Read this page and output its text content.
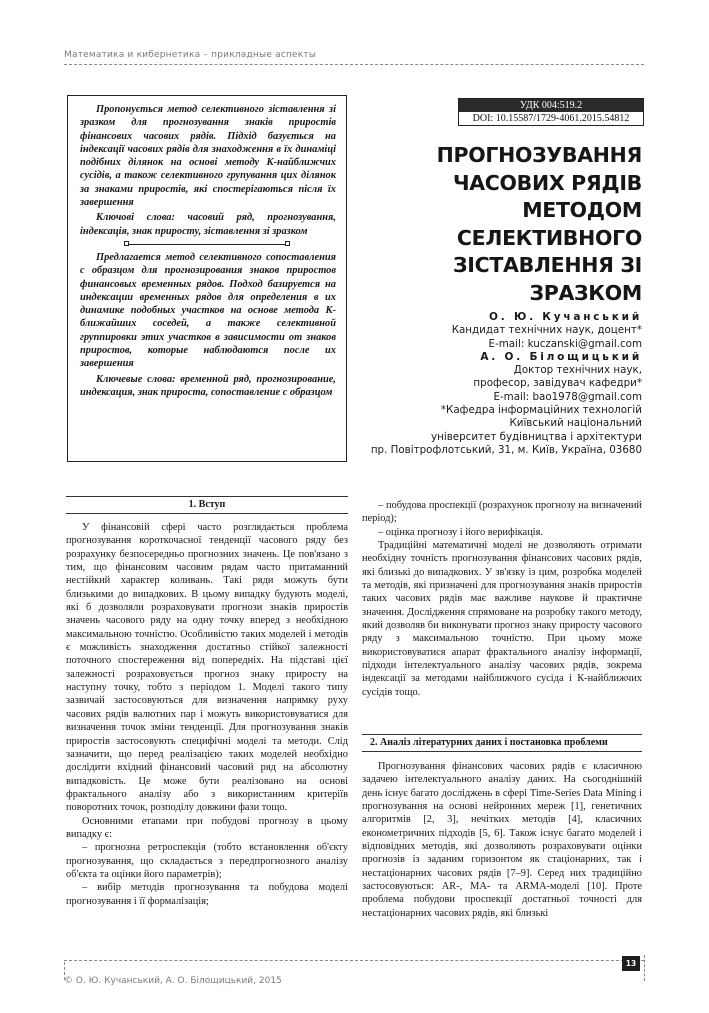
Математика и кибернетика – прикладные аспекты

Пропонується метод селективного зіставлення зі зразком для прогнозування знаків приростів фінансових часових рядів. Підхід базується на індексації часових рядів для знаходження в їх динаміці подібних ділянок на основі методу К-найближчих сусідів, а також селективного групування цих ділянок за знаками приростів, які спостерігаються після їх завершення

Ключові слова: часовий ряд, прогнозування, індексація, знак приросту, зіставлення зі зразком

Предлагается метод селективного сопоставления с образцом для прогнозирования знаков приростов финансовых временных рядов. Подход базируется на индексации временных рядов для определения в их динамике подобных участков на основе метода К-ближайших соседей, а также селективной группировки этих участков в зависимости от знаков приростов, которые наблюдаются после их завершения

Ключевые слова: временной ряд, прогнозирование, индексация, знак прироста, сопоставление с образцом

УДК 004:519.2
DOI: 10.15587/1729-4061.2015.54812
ПРОГНОЗУВАННЯ
ЧАСОВИХ РЯДІВ
МЕТОДОМ
СЕЛЕКТИВНОГО
ЗІСТАВЛЕННЯ ЗІ
ЗРАЗКОМ
О. Ю. Кучанський
Кандидат технічних наук, доцент*
E-mail: kuczanski@gmail.com
А. О. Білощицький
Доктор технічних наук,
професор, завідувач кафедри*
E-mail: bao1978@gmail.com
*Кафедра інформаційних технологій
Київський національний
університет будівництва і архітектури
пр. Повітрофлотський, 31, м. Київ, Україна, 03680
1. Вступ

У фінансовій сфері часто розглядається проблема прогнозування короткочасної тенденції часового ряду без розрахунку безпосередньо прогнозних значень. Це пов'язано з тим, що фінансовим часовим рядам часто притаманний нестійкий характер коливань. Такі ряди можуть бути близькими до випадкових. В цьому випадку будують моделі, які б дозволяли розраховувати прогнози знаків приростів значень часового ряду на одну точку вперед з необхідною максимальною точністю. Особливістю таких моделей і методів є можливість знаходження достатньо стійкої залежності поточного спостереження від попередніх. На підставі цієї залежності розраховується прогноз знаку приросту на наступну точку, тобто з періодом 1. Моделі такого типу зазвичай застосовуються для визначення напрямку руху часових рядів валютних пар і можуть використовуватися для визначення точок зміни тенденції. Для прогнозування знаків приростів застосовують специфічні моделі та методи. Слід зазначити, що перед реалізацією таких моделей необхідно дослідити вхідний фінансовий часовий ряд на абсолютну випадковість. Це може бути реалізовано на основі фрактального аналізу або з використанням критеріїв поворотних точок, розподілу довжини фази тощо.

Основними етапами при побудові прогнозу в цьому випадку є:

– прогнозна ретроспекція (тобто встановлення об'єкту прогнозування, що складається з передпрогнозного аналізу об'єкта та оцінки його параметрів);

– вибір методів прогнозування та побудова моделі прогнозування і її формалізація;

– побудова проспекції (розрахунок прогнозу на визначений період);

– оцінка прогнозу і його верифікація.

Традиційні математичні моделі не дозволяють отримати необхідну точність прогнозування фінансових часових рядів, які близькі до випадкових. У зв'язку із цим, розробка моделей та методів, які призначені для прогнозування знаків приростів таких часових рядів має важливе наукове й практичне значення. Дослідження спрямоване на розробку такого методу, який дозволяв би виконувати прогноз знаку приросту часового ряду з максимальною точністю. При цьому може використовуватися апарат фрактального аналізу інформації, підходи інтелектуального аналізу часових рядів, зокрема індексації за методами найближчого сусіда і К-найближчих сусідів тощо.

2. Аналіз літературних даних і постановка проблеми

Прогнозування фінансових часових рядів є класичною задачею інтелектуального аналізу даних. На сьогоднішній день існує багато досліджень в сфері Time-Series Data Mining і прогнозування на основі нейронних мереж [1], генетичних алгоритмів [2, 3], нечітких методів [4], класичних економетричних підходів [5, 6]. Також існує багато моделей і відповідних методів, які дозволяють розраховувати оцінки прогнозів із заданим горизонтом як стаціонарних, так і нестаціонарних часових рядів [7–9]. Серед них традиційно застосовуються: AR-, MA- та ARMA-моделі [10]. Проте проблема побудови проспекції достатньої точності для нестаціонарних часових рядів, які близькі

13
© О. Ю. Кучанський, А. О. Білощицький, 2015
